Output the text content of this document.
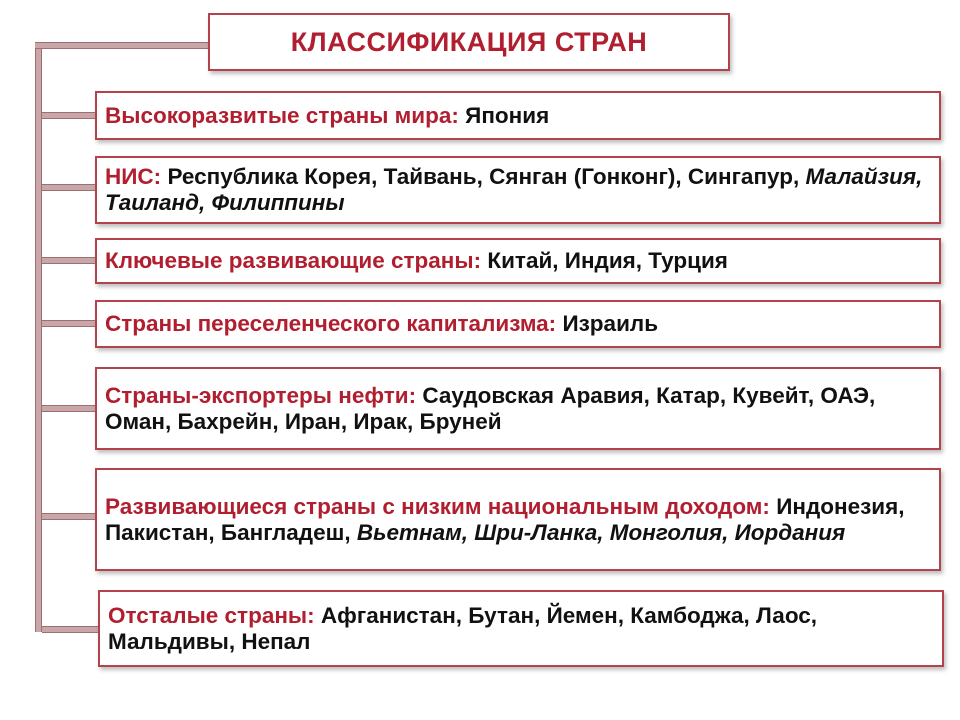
КЛАССИФИКАЦИЯ СТРАН

Высокоразвитые страны мира: Япония

НИС: Республика Корея, Тайвань, Сянган (Гонконг), Сингапур, Малайзия, Таиланд, Филиппины

Ключевые развивающие страны: Китай, Индия, Турция

Страны переселенческого капитализма: Израиль

Страны-экспортеры нефти: Саудовская Аравия, Катар, Кувейт, ОАЭ, Оман, Бахрейн, Иран, Ирак, Бруней

Развивающиеся страны с низким национальным доходом: Индонезия, Пакистан, Бангладеш, Вьетнам, Шри-Ланка, Монголия, Иордания

Отсталые страны: Афганистан, Бутан, Йемен, Камбоджа, Лаос, Мальдивы, Непал
